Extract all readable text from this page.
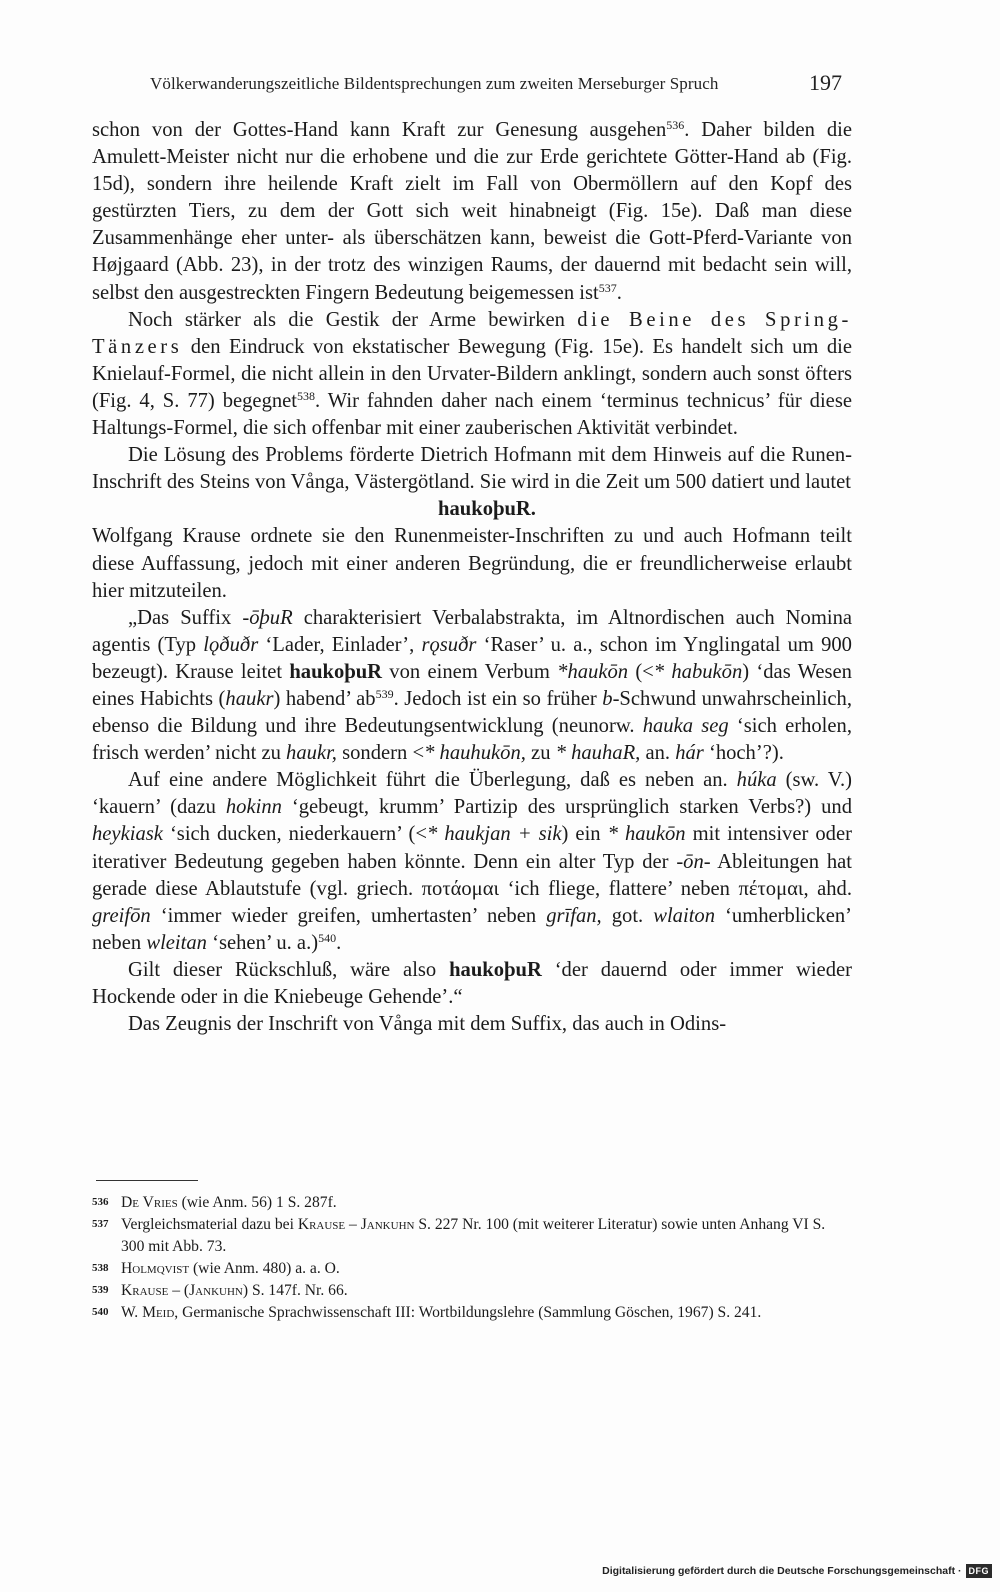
Völkerwanderungszeitliche Bildentsprechungen zum zweiten Merseburger Spruch	197

schon von der Gottes-Hand kann Kraft zur Genesung ausgehen$^{536}$. Daher bilden die Amulett-Meister nicht nur die erhobene und die zur Erde gerichtete Götter-Hand ab (Fig. 15d), sondern ihre heilende Kraft zielt im Fall von Obermöllern auf den Kopf des gestürzten Tiers, zu dem der Gott sich weit hinabneigt (Fig. 15e). Daß man diese Zusammenhänge eher unter- als überschätzen kann, beweist die Gott-Pferd-Variante von Højgaard (Abb. 23), in der trotz des winzigen Raums, der dauernd mit bedacht sein will, selbst den ausgestreckten Fingern Bedeutung beigemessen ist$^{537}$.

Noch stärker als die Gestik der Arme bewirken die Beine des Spring-Tänzers den Eindruck von ekstatischer Bewegung (Fig. 15e). Es handelt sich um die Knielauf-Formel, die nicht allein in den Urvater-Bildern anklingt, sondern auch sonst öfters (Fig. 4, S. 77) begegnet$^{538}$. Wir fahnden daher nach einem ‘terminus technicus’ für diese Haltungs-Formel, die sich offenbar mit einer zauberischen Aktivität verbindet.

Die Lösung des Problems förderte Dietrich Hofmann mit dem Hinweis auf die Runen-Inschrift des Steins von Vånga, Västergötland. Sie wird in die Zeit um 500 datiert und lautet

haukoþuR.

Wolfgang Krause ordnete sie den Runenmeister-Inschriften zu und auch Hofmann teilt diese Auffassung, jedoch mit einer anderen Begründung, die er freundlicherweise erlaubt hier mitzuteilen.

„Das Suffix -ōþuR charakterisiert Verbalabstrakta, im Altnordischen auch Nomina agentis (Typ lǫðuðr ‘Lader, Einlader’, rǫsuðr ‘Raser’ u. a., schon im Ynglingatal um 900 bezeugt). Krause leitet haukoþuR von einem Verbum *haukōn (<* habukōn) ‘das Wesen eines Habichts (haukr) habend’ $ab^{539}$. Jedoch ist ein so früher b-Schwund unwahrscheinlich, ebenso die Bildung und ihre Bedeutungsentwicklung (neunorw. hauka seg ‘sich erholen, frisch werden’ nicht zu haukr, sondern <* hauhukōn, zu * hauhaR, an. hár ‘hoch’?).

Auf eine andere Möglichkeit führt die Überlegung, daß es neben an. húka (sw. V.) ‘kauern’ (dazu hokinn ‘gebeugt, krumm’ Partizip des ursprünglich starken Verbs?) und heykiask ‘sich ducken, niederkauern’ (<* haukjan + sik) ein * haukōn mit intensiver oder iterativer Bedeutung gegeben haben könnte. Denn ein alter Typ der -ōn- Ableitungen hat gerade diese Ablautstufe (vgl. griech. ποτάομαι ‘ich fliege, flattere’ neben πέτομαι, ahd. greifōn ‘immer wieder greifen, umhertasten’ neben grīfan, got. wlaiton ‘umherblicken’ neben wleitan ‘sehen’ u. a.)$^{540}$.

Gilt dieser Rückschluß, wäre also haukoþuR ‘der dauernd oder immer wieder Hockende oder in die Kniebeuge Gehende’.“

Das Zeugnis der Inschrift von Vånga mit dem Suffix, das auch in Odins-

536 De Vries (wie Anm. 56) 1 S. 287f.
537 Vergleichsmaterial dazu bei Krause – Jankuhn S. 227 Nr. 100 (mit weiterer Literatur) sowie unten Anhang VI S. 300 mit Abb. 73.
538 Holmqvist (wie Anm. 480) a. a. O.
539 Krause – (Jankuhn) S. 147f. Nr. 66.
540 W. Meid, Germanische Sprachwissenschaft III: Wortbildungslehre (Sammlung Göschen, 1967) S. 241.
Digitalisierung gefördert durch die Deutsche Forschungsgemeinschaft · DFG
